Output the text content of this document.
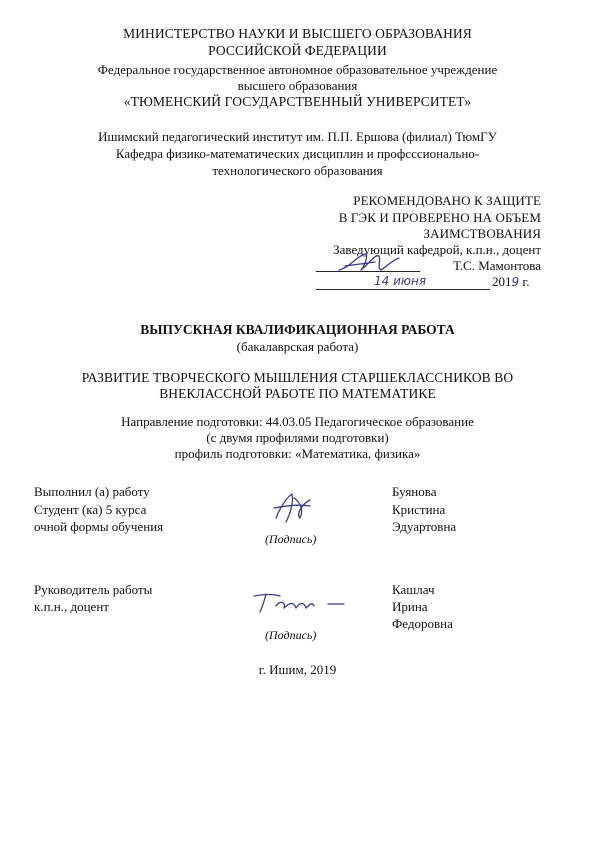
МИНИСТЕРСТВО НАУКИ И ВЫСШЕГО ОБРАЗОВАНИЯ
РОССИЙСКОЙ ФЕДЕРАЦИИ
Федеральное государственное автономное образовательное учреждение
высшего образования
«ТЮМЕНСКИЙ ГОСУДАРСТВЕННЫЙ УНИВЕРСИТЕТ»
Ишимский педагогический институт им. П.П. Ершова (филиал) ТюмГУ
Кафедра физико-математических дисциплин и профсссионально-
технологического образования
РЕКОМЕНДОВАНО К ЗАЩИТЕ
В ГЭК И ПРОВЕРЕНО НА ОБЪЕМ
ЗАИМСТВОВАНИЯ
Заведующий кафедрой, к.п.н., доцент
Т.С. Мамонтова
14 июня	2019 г.
ВЫПУСКНАЯ КВАЛИФИКАЦИОННАЯ РАБОТА
(бакалаврская работа)
РАЗВИТИЕ ТВОРЧЕСКОГО МЫШЛЕНИЯ СТАРШЕКЛАССНИКОВ ВО
ВНЕКЛАССНОЙ РАБОТЕ ПО МАТЕМАТИКЕ
Направление подготовки: 44.03.05 Педагогическое образование
(с двумя профилями подготовки)
профиль подготовки: «Математика, физика»
Выполнил (а) работу
Студент (ка) 5 курса
очной формы обучения
(Подпись)
Буянова
Кристина
Эдуартовна
Руководитель работы
к.п.н., доцент
(Подпись)
Кашлач
Ирина
Федоровна
г. Ишим, 2019
